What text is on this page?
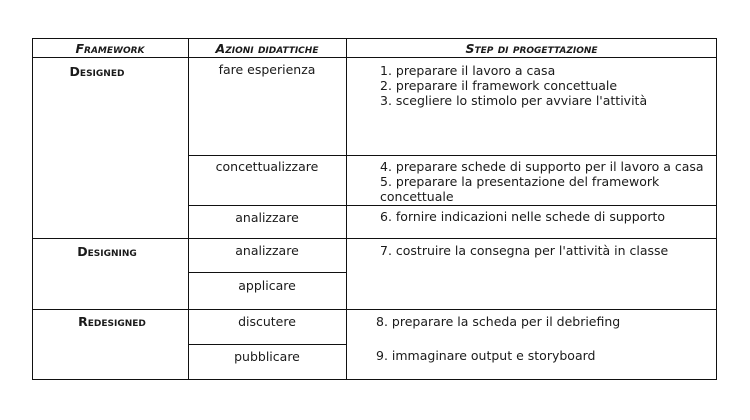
Framework	Azioni didattiche	Step di progettazione
Designed
Designing
Redesigned
fare esperienza
concettualizzare
analizzare
analizzare
applicare
discutere
pubblicare
1. preparare il lavoro a casa
2. preparare il framework concettuale
3. scegliere lo stimolo per avviare l'attività
4. preparare schede di supporto per il lavoro a casa
5. preparare la presentazione del framework concettuale
6. fornire indicazioni nelle schede di supporto
7. costruire la consegna per l'attività in classe
8. preparare la scheda per il debriefing
9. immaginare output e storyboard
